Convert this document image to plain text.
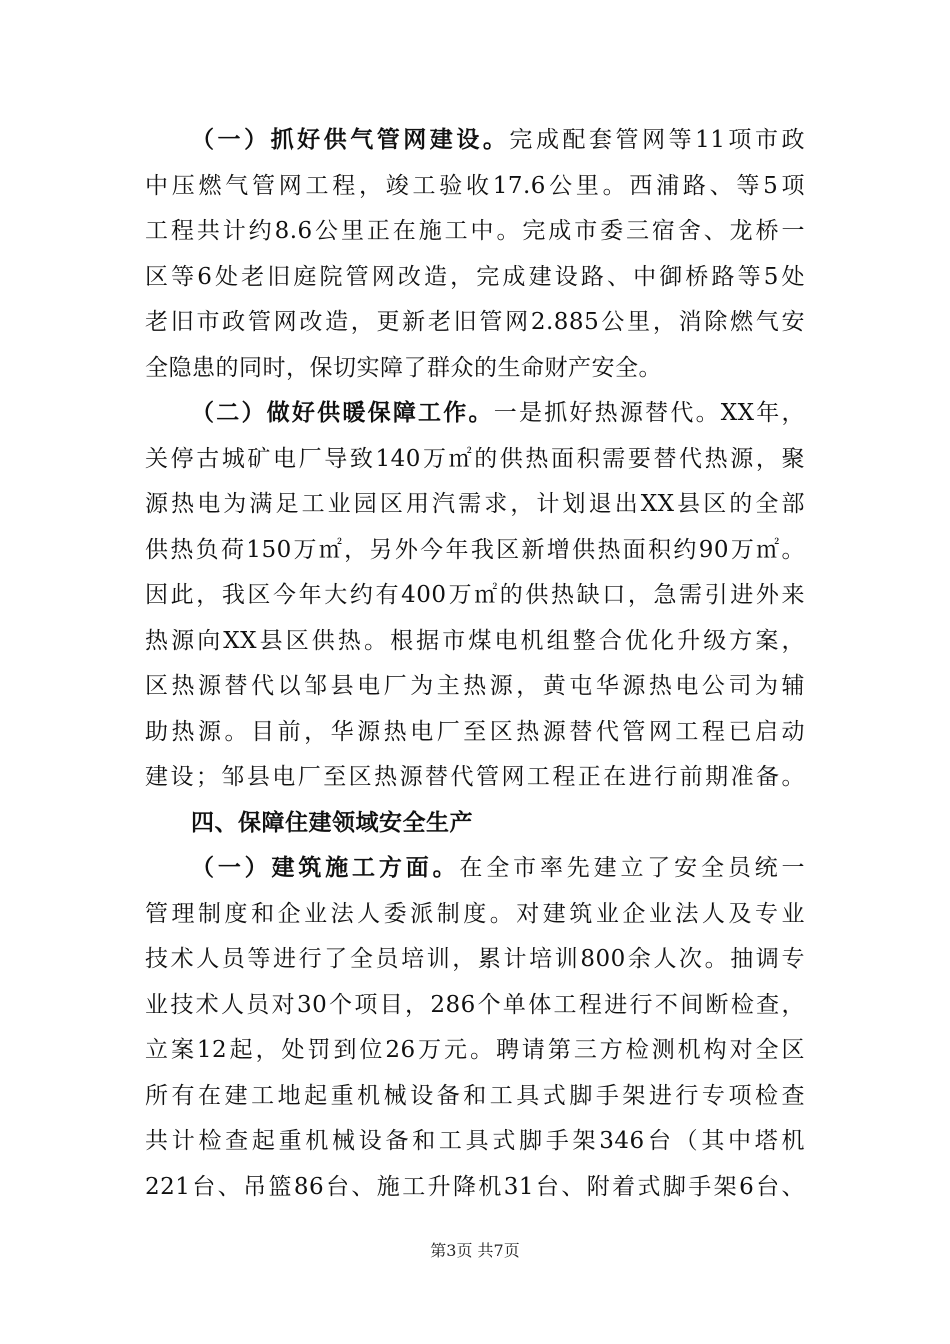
（一）抓好供气管网建设。完成配套管网等11项市政
中压燃气管网工程，竣工验收17.6公里。西浦路、等5项
工程共计约8.6公里正在施工中。完成市委三宿舍、龙桥一
区等6处老旧庭院管网改造，完成建设路、中御桥路等5处
老旧市政管网改造，更新老旧管网2.885公里，消除燃气安
全隐患的同时，保切实障了群众的生命财产安全。
（二）做好供暖保障工作。一是抓好热源替代。XX年，
关停古城矿电厂导致140万㎡的供热面积需要替代热源，聚
源热电为满足工业园区用汽需求，计划退出XX县区的全部
供热负荷150万㎡，另外今年我区新增供热面积约90万㎡。
因此，我区今年大约有400万㎡的供热缺口，急需引进外来
热源向XX县区供热。根据市煤电机组整合优化升级方案，
区热源替代以邹县电厂为主热源，黄屯华源热电公司为辅
助热源。目前，华源热电厂至区热源替代管网工程已启动
建设；邹县电厂至区热源替代管网工程正在进行前期准备。
四、保障住建领域安全生产
（一）建筑施工方面。在全市率先建立了安全员统一
管理制度和企业法人委派制度。对建筑业企业法人及专业
技术人员等进行了全员培训，累计培训800余人次。抽调专
业技术人员对30个项目，286个单体工程进行不间断检查，
立案12起，处罚到位26万元。聘请第三方检测机构对全区
所有在建工地起重机械设备和工具式脚手架进行专项检查
共计检查起重机械设备和工具式脚手架346台（其中塔机
221台、吊篮86台、施工升降机31台、附着式脚手架6台、
第3页 共7页
